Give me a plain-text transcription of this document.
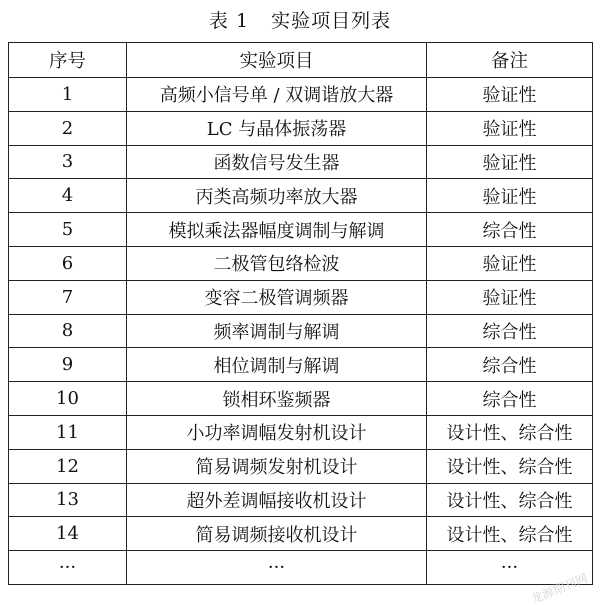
表 1 实验项目列表
序号	实验项目	备注
1	高频小信号单 / 双调谐放大器	验证性
2	LC 与晶体振荡器	验证性
3	函数信号发生器	验证性
4	丙类高频功率放大器	验证性
5	模拟乘法器幅度调制与解调	综合性
6	二极管包络检波	验证性
7	变容二极管调频器	验证性
8	频率调制与解调	综合性
9	相位调制与解调	综合性
10	锁相环鉴频器	综合性
11	小功率调幅发射机设计	设计性、综合性
12	简易调频发射机设计	设计性、综合性
13	超外差调幅接收机设计	设计性、综合性
14	简易调频接收机设计	设计性、综合性
···	···	···
龙源期刊网
